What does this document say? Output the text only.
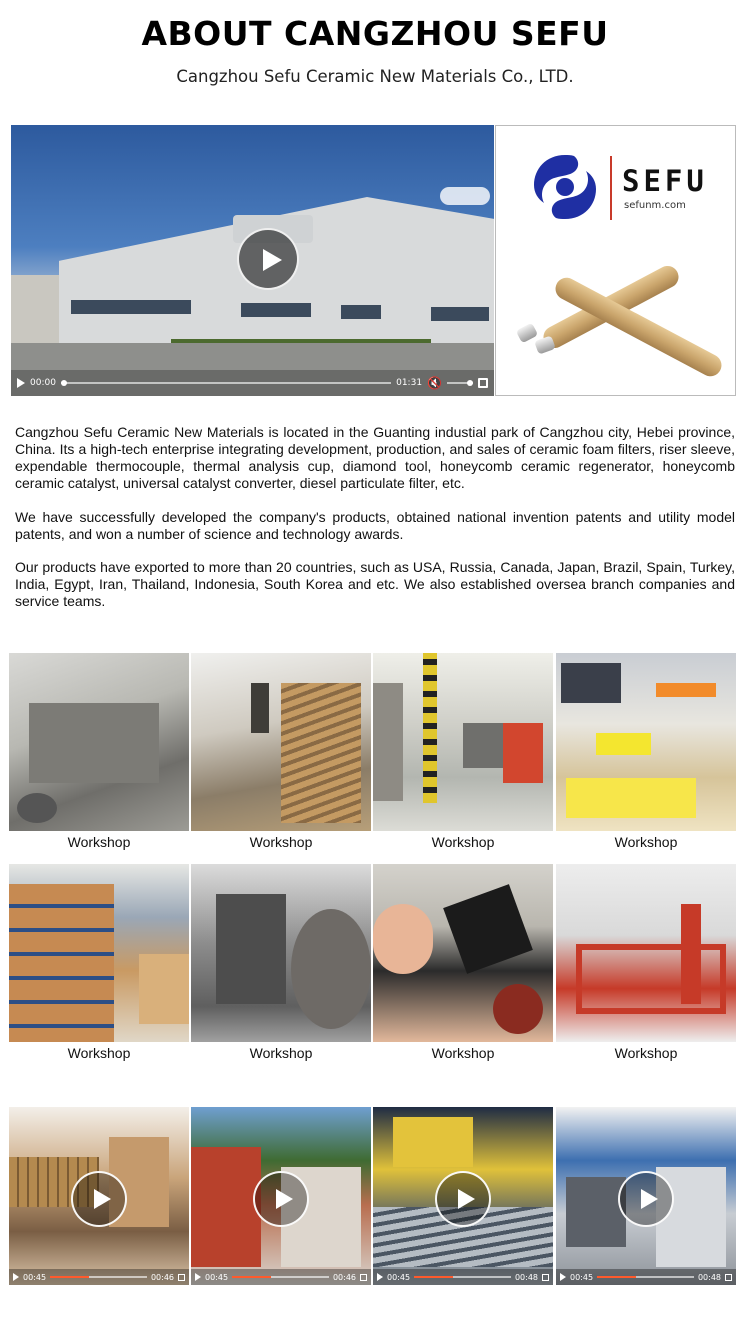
ABOUT CANGZHOU SEFU
Cangzhou Sefu Ceramic New Materials Co., LTD.
00:00	01:31 🔇
SEFU
sefunm.com

Cangzhou Sefu Ceramic New Materials is located in the Guanting industial park of Cangzhou city, Hebei province, China. Its a high-tech enterprise integrating development, production, and sales of ceramic foam filters, riser sleeve, expendable thermocouple, thermal analysis cup, diamond tool, honeycomb ceramic regenerator, honeycomb ceramic catalyst, universal catalyst converter, diesel particulate filter, etc.

We have successfully developed the company's products, obtained national invention patents and utility model patents, and won a number of science and technology awards.

Our products have exported to more than 20 countries, such as USA, Russia, Canada, Japan, Brazil, Spain, Turkey, India, Egypt, Iran, Thailand, Indonesia, South Korea and etc. We also established oversea branch companies and service teams.

Workshop	Workshop	Workshop	Workshop
Workshop	Workshop	Workshop	Workshop
00:45	00:46	00:45	00:46	00:45	00:48	00:45	00:48
